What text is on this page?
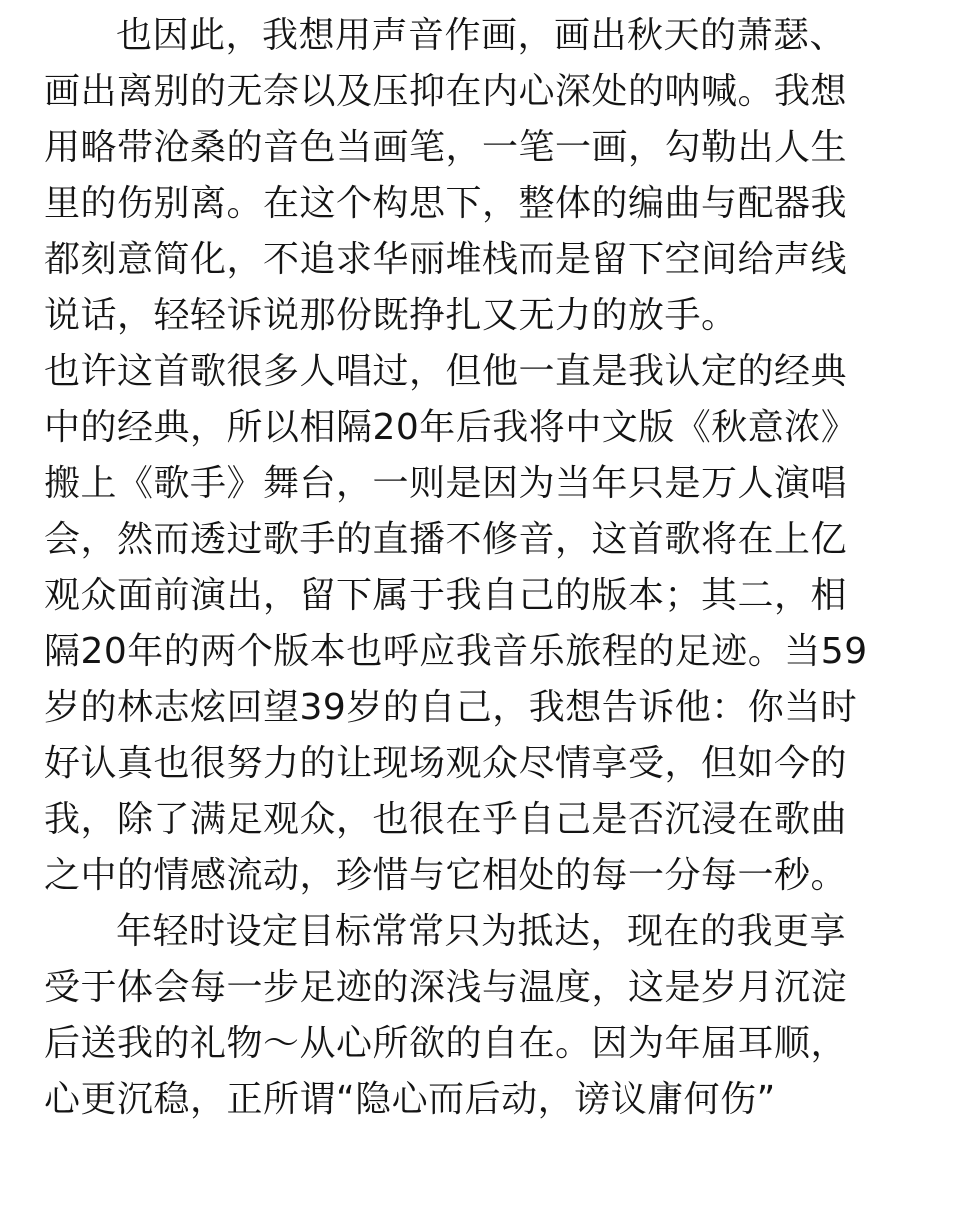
也因此，我想用声音作画，画出秋天的萧瑟、
画出离别的无奈以及压抑在内心深处的呐喊。我想
用略带沧桑的音色当画笔，一笔一画，勾勒出人生
里的伤别离。在这个构思下，整体的编曲与配器我
都刻意简化，不追求华丽堆栈而是留下空间给声线
说话，轻轻诉说那份既挣扎又无力的放手。
也许这首歌很多人唱过，但他一直是我认定的经典
中的经典，所以相隔20年后我将中文版《秋意浓》
搬上《歌手》舞台，一则是因为当年只是万人演唱
会，然而透过歌手的直播不修音，这首歌将在上亿
观众面前演出，留下属于我自己的版本；其二，相
隔20年的两个版本也呼应我音乐旅程的足迹。当59
岁的林志炫回望39岁的自己，我想告诉他：你当时
好认真也很努力的让现场观众尽情享受，但如今的
我，除了满足观众，也很在乎自己是否沉浸在歌曲
之中的情感流动，珍惜与它相处的每一分每一秒。
年轻时设定目标常常只为抵达，现在的我更享
受于体会每一步足迹的深浅与温度，这是岁月沉淀
后送我的礼物～从心所欲的自在。因为年届耳顺，
心更沉稳，正所谓“隐心而后动，谤议庸何伤”
